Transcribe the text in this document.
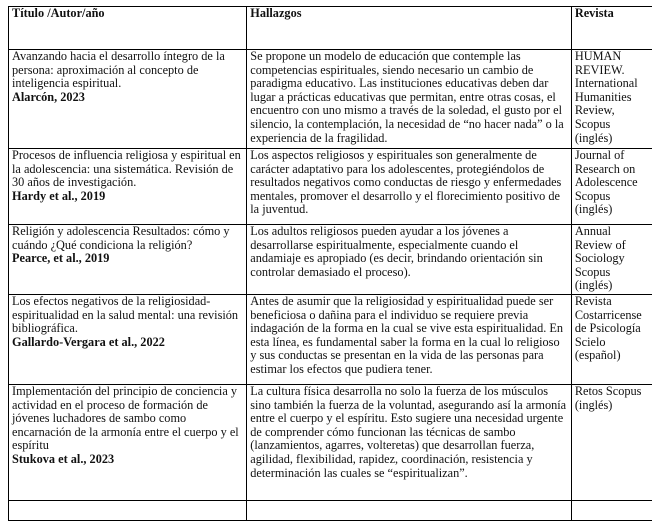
Título /Autor/año	Hallazgos	Revista

Avanzando hacia el desarrollo íntegro de la persona: aproximación al concepto de inteligencia espiritual.
Alarcón, 2023	Se propone un modelo de educación que contemple las competencias espirituales, siendo necesario un cambio de paradigma educativo. Las instituciones educativas deben dar lugar a prácticas educativas que permitan, entre otras cosas, el encuentro con uno mismo a través de la soledad, el gusto por el silencio, la contemplación, la necesidad de “no hacer nada” o la experiencia de la fragilidad.	HUMAN REVIEW. International Humanities Review, Scopus (inglés)

Procesos de influencia religiosa y espiritual en la adolescencia: una sistemática. Revisión de 30 años de investigación.
Hardy et al., 2019	Los aspectos religiosos y espirituales son generalmente de carácter adaptativo para los adolescentes, protegiéndolos de resultados negativos como conductas de riesgo y enfermedades mentales, promover el desarrollo y el florecimiento positivo de la juventud.	Journal of Research on Adolescence Scopus (inglés)

Religión y adolescencia Resultados: cómo y cuándo ¿Qué condiciona la religión?
Pearce, et al., 2019	Los adultos religiosos pueden ayudar a los jóvenes a desarrollarse espiritualmente, especialmente cuando el andamiaje es apropiado (es decir, brindando orientación sin controlar demasiado el proceso).	Annual Review of Sociology Scopus (inglés)

Los efectos negativos de la religiosidad-espiritualidad en la salud mental: una revisión bibliográfica.
Gallardo-Vergara et al., 2022	Antes de asumir que la religiosidad y espiritualidad puede ser beneficiosa o dañina para el individuo se requiere previa indagación de la forma en la cual se vive esta espiritualidad. En esta línea, es fundamental saber la forma en la cual lo religioso y sus conductas se presentan en la vida de las personas para estimar los efectos que pudiera tener.	Revista Costarricense de Psicología Scielo (español)

Implementación del principio de conciencia y actividad en el proceso de formación de jóvenes luchadores de sambo como encarnación de la armonía entre el cuerpo y el espíritu
Stukova et al., 2023	La cultura física desarrolla no solo la fuerza de los músculos sino también la fuerza de la voluntad, asegurando así la armonía entre el cuerpo y el espíritu. Esto sugiere una necesidad urgente de comprender cómo funcionan las técnicas de sambo (lanzamientos, agarres, volteretas) que desarrollan fuerza, agilidad, flexibilidad, rapidez, coordinación, resistencia y determinación las cuales se “espiritualizan”.	Retos Scopus (inglés)
